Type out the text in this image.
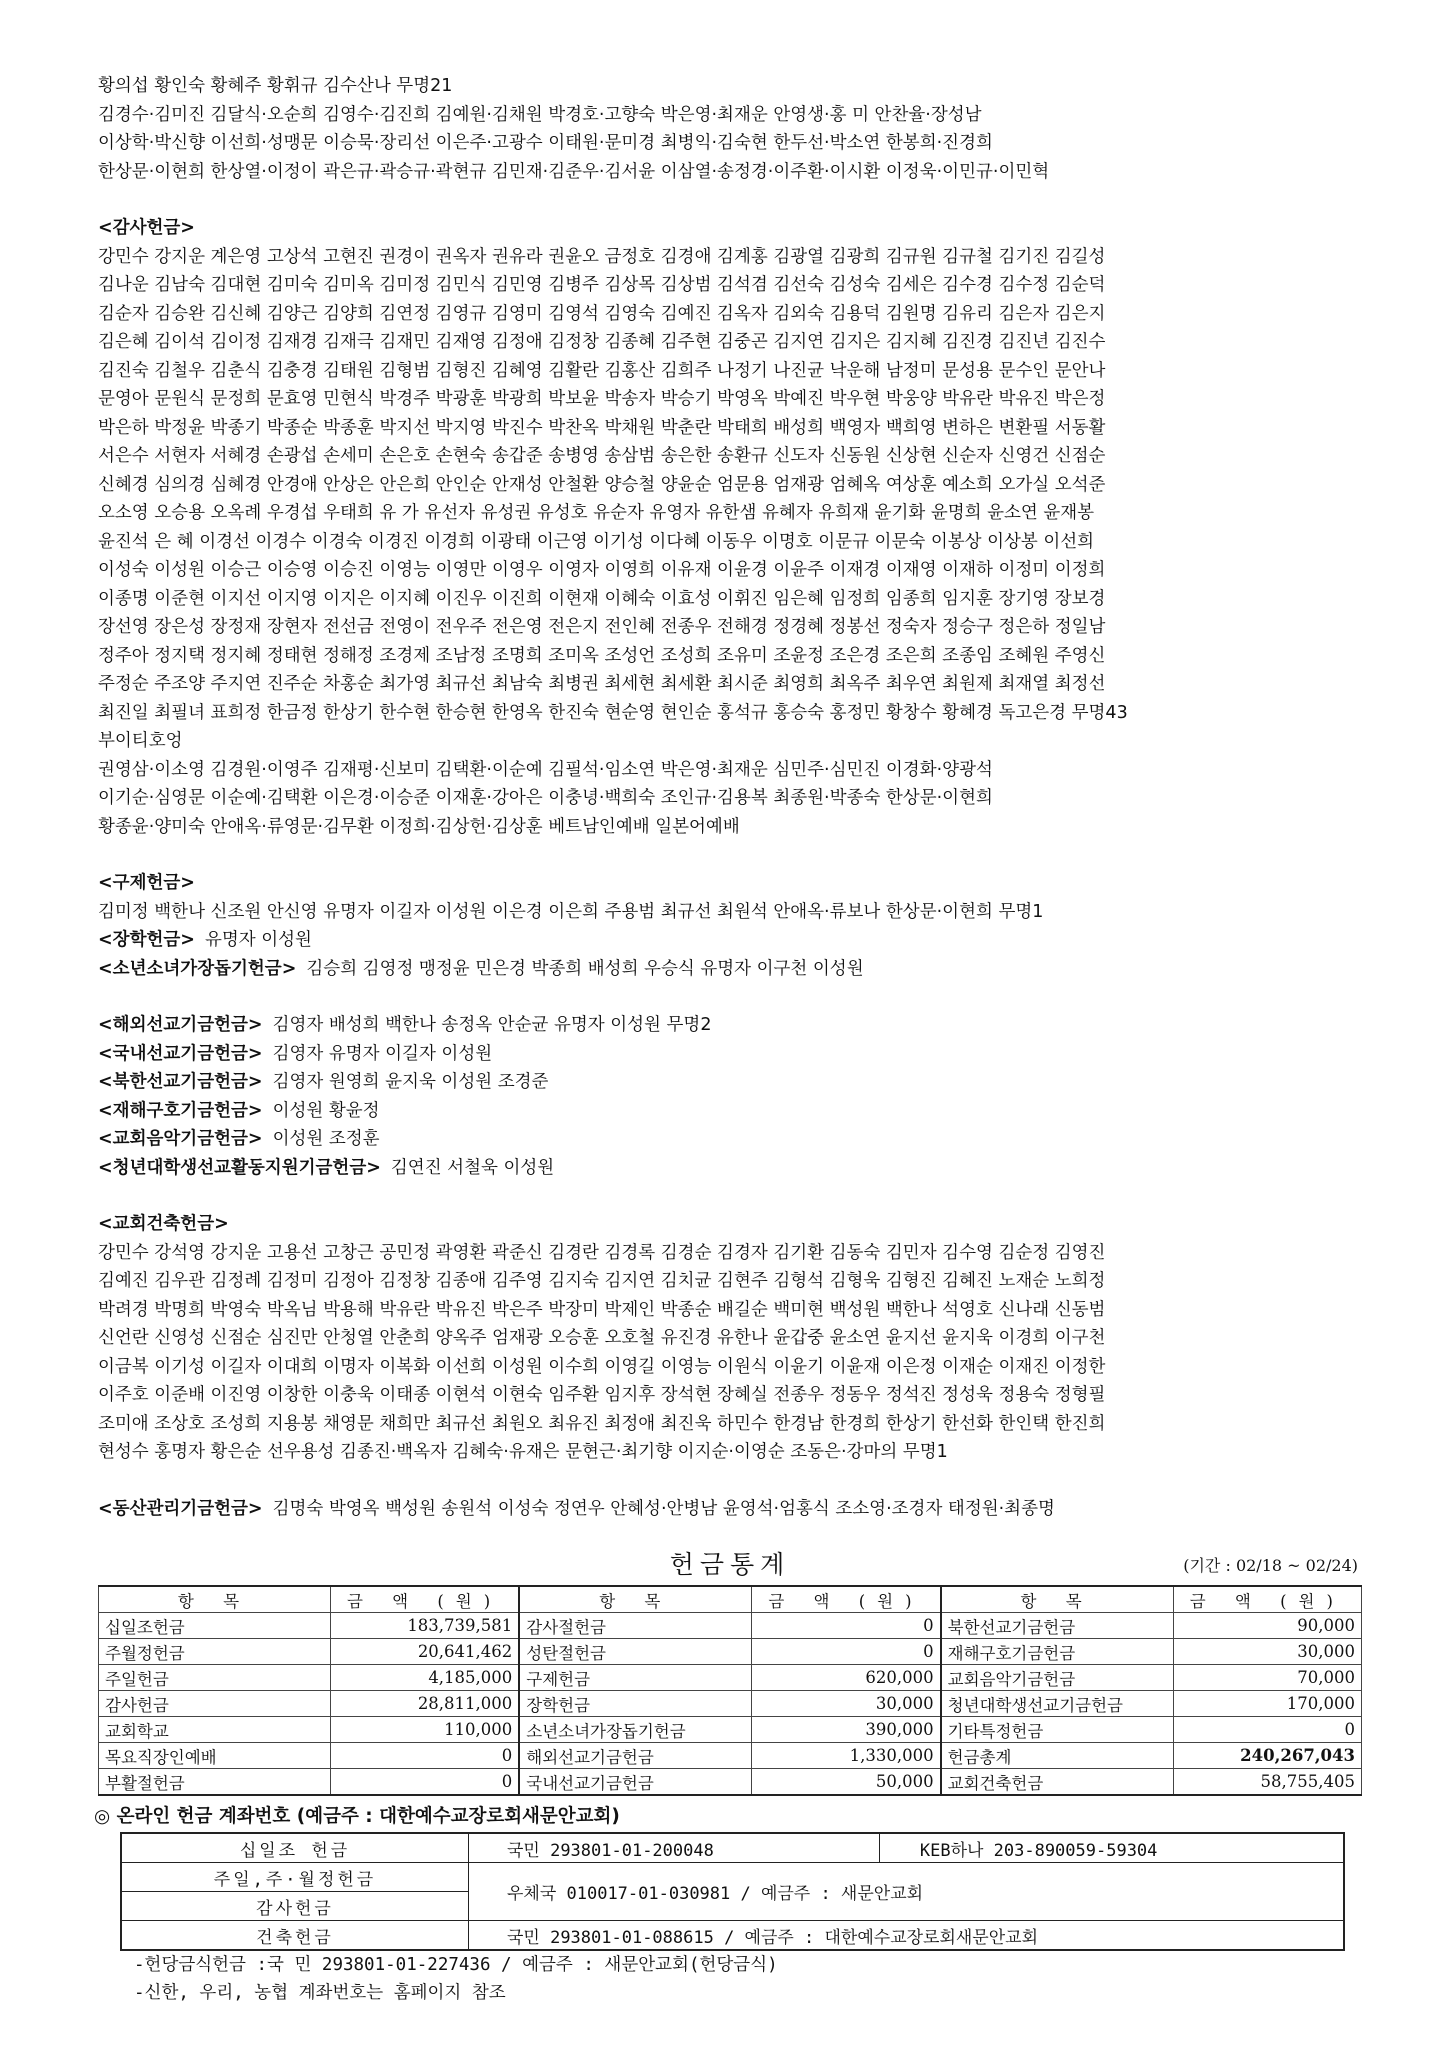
황의섭 황인숙 황혜주 황휘규 김수산나 무명21
김경수·김미진 김달식·오순희 김영수·김진희 김예원·김채원 박경호·고향숙 박은영·최재운 안영생·홍 미 안찬율·장성남
이상학·박신향 이선희·성맹문 이승묵·장리선 이은주·고광수 이태원·문미경 최병익·김숙현 한두선·박소연 한봉희·진경희
한상문·이현희 한상열·이정이 곽은규·곽승규·곽현규 김민재·김준우·김서윤 이삼열·송정경·이주환·이시환 이정욱·이민규·이민혁
<감사헌금>
강민수 강지운 계은영 고상석 고현진 권경이 권옥자 권유라 권윤오 금정호 김경애 김계홍 김광열 김광희 김규원 김규철 김기진 김길성
김나운 김남숙 김대현 김미숙 김미옥 김미정 김민식 김민영 김병주 김상목 김상범 김석겸 김선숙 김성숙 김세은 김수경 김수정 김순덕
김순자 김승완 김신혜 김양근 김양희 김연정 김영규 김영미 김영석 김영숙 김예진 김옥자 김외숙 김용덕 김원명 김유리 김은자 김은지
김은혜 김이석 김이정 김재경 김재극 김재민 김재영 김정애 김정창 김종혜 김주현 김중곤 김지연 김지은 김지혜 김진경 김진년 김진수
김진숙 김철우 김춘식 김충경 김태원 김형범 김형진 김혜영 김활란 김홍산 김희주 나정기 나진균 낙운해 남정미 문성용 문수인 문안나
문영아 문원식 문정희 문효영 민현식 박경주 박광훈 박광희 박보윤 박송자 박승기 박영옥 박예진 박우현 박웅양 박유란 박유진 박은정
박은하 박정윤 박종기 박종순 박종훈 박지선 박지영 박진수 박찬옥 박채원 박춘란 박태희 배성희 백영자 백희영 변하은 변환필 서동활
서은수 서현자 서혜경 손광섭 손세미 손은호 손현숙 송갑준 송병영 송삼범 송은한 송환규 신도자 신동원 신상현 신순자 신영건 신점순
신혜경 심의경 심혜경 안경애 안상은 안은희 안인순 안재성 안철환 양승철 양윤순 엄문용 엄재광 엄혜옥 여상훈 예소희 오가실 오석준
오소영 오승용 오옥례 우경섭 우태희 유 가 유선자 유성권 유성호 유순자 유영자 유한샘 유혜자 유희재 윤기화 윤명희 윤소연 윤재봉
윤진석 은 혜 이경선 이경수 이경숙 이경진 이경희 이광태 이근영 이기성 이다혜 이동우 이명호 이문규 이문숙 이봉상 이상봉 이선희
이성숙 이성원 이승근 이승영 이승진 이영능 이영만 이영우 이영자 이영희 이유재 이윤경 이윤주 이재경 이재영 이재하 이정미 이정희
이종명 이준현 이지선 이지영 이지은 이지혜 이진우 이진희 이현재 이혜숙 이효성 이휘진 임은혜 임정희 임종희 임지훈 장기영 장보경
장선영 장은성 장정재 장현자 전선금 전영이 전우주 전은영 전은지 전인혜 전종우 전해경 정경혜 정봉선 정숙자 정승구 정은하 정일남
정주아 정지택 정지혜 정태현 정해정 조경제 조남정 조명희 조미옥 조성언 조성희 조유미 조윤정 조은경 조은희 조종임 조혜원 주영신
주정순 주조양 주지연 진주순 차홍순 최가영 최규선 최남숙 최병권 최세현 최세환 최시준 최영희 최옥주 최우연 최원제 최재열 최정선
최진일 최필녀 표희정 한금정 한상기 한수현 한승현 한영옥 한진숙 현순영 현인순 홍석규 홍승숙 홍정민 황창수 황혜경 독고은경 무명43
부이티호엉
권영삼·이소영 김경원·이영주 김재평·신보미 김택환·이순예 김필석·임소연 박은영·최재운 심민주·심민진 이경화·양광석
이기순·심영문 이순예·김택환 이은경·이승준 이재훈·강아은 이충녕·백희숙 조인규·김용복 최종원·박종숙 한상문·이현희
황종윤·양미숙 안애옥·류영문·김무환 이정희·김상헌·김상훈 베트남인예배 일본어예배
<구제헌금>
김미정 백한나 신조원 안신영 유명자 이길자 이성원 이은경 이은희 주용범 최규선 최원석 안애옥·류보나 한상문·이현희 무명1
<장학헌금> 유명자 이성원
<소년소녀가장돕기헌금> 김승희 김영정 맹정윤 민은경 박종희 배성희 우승식 유명자 이구천 이성원
<해외선교기금헌금> 김영자 배성희 백한나 송정옥 안순균 유명자 이성원 무명2
<국내선교기금헌금> 김영자 유명자 이길자 이성원
<북한선교기금헌금> 김영자 원영희 윤지욱 이성원 조경준
<재해구호기금헌금> 이성원 황윤정
<교회음악기금헌금> 이성원 조정훈
<청년대학생선교활동지원기금헌금> 김연진 서철욱 이성원
<교회건축헌금>
강민수 강석영 강지운 고용선 고창근 공민정 곽영환 곽준신 김경란 김경록 김경순 김경자 김기환 김동숙 김민자 김수영 김순정 김영진
김예진 김우관 김정례 김정미 김정아 김정창 김종애 김주영 김지숙 김지연 김치균 김현주 김형석 김형욱 김형진 김혜진 노재순 노희정
박려경 박명희 박영숙 박옥님 박용해 박유란 박유진 박은주 박장미 박제인 박종순 배길순 백미현 백성원 백한나 석영호 신나래 신동범
신언란 신영성 신점순 심진만 안청열 안춘희 양옥주 엄재광 오승훈 오호철 유진경 유한나 윤갑중 윤소연 윤지선 윤지욱 이경희 이구천
이금복 이기성 이길자 이대희 이명자 이복화 이선희 이성원 이수희 이영길 이영능 이원식 이윤기 이윤재 이은정 이재순 이재진 이정한
이주호 이준배 이진영 이창한 이충욱 이태종 이현석 이현숙 임주환 임지후 장석현 장혜실 전종우 정동우 정석진 정성욱 정용숙 정형필
조미애 조상호 조성희 지용봉 채영문 채희만 최규선 최원오 최유진 최정애 최진욱 하민수 한경남 한경희 한상기 한선화 한인택 한진희
현성수 홍명자 황은순 선우용성 김종진·백옥자 김혜숙·유재은 문현근·최기향 이지순·이영순 조동은·강마의 무명1
<동산관리기금헌금> 김명숙 박영옥 백성원 송원석 이성숙 정연우 안혜성·안병남 윤영석·엄홍식 조소영·조경자 태정원·최종명
헌금통계	(기간 : 02/18 ~ 02/24)
항 목	금 액 (원)	항 목	금 액 (원)	항 목	금 액 (원)
십일조헌금	183,739,581	감사절헌금	0	북한선교기금헌금	90,000
주월정헌금	20,641,462	성탄절헌금	0	재해구호기금헌금	30,000
주일헌금	4,185,000	구제헌금	620,000	교회음악기금헌금	70,000
감사헌금	28,811,000	장학헌금	30,000	청년대학생선교기금헌금	170,000
교회학교	110,000	소년소녀가장돕기헌금	390,000	기타특정헌금	0
목요직장인예배	0	해외선교기금헌금	1,330,000	헌금총계	240,267,043
부활절헌금	0	국내선교기금헌금	50,000	교회건축헌금	58,755,405
◎ 온라인 헌금 계좌번호 (예금주 : 대한예수교장로회새문안교회)
십일조 헌금	국민 293801-01-200048	KEB하나 203-890059-59304
주일,주·월정헌금	우체국 010017-01-030981 / 예금주 : 새문안교회	
감사헌금		
건축헌금	국민 293801-01-088615 / 예금주 : 대한예수교장로회새문안교회	
-헌당금식헌금 :국 민 293801-01-227436 / 예금주 : 새문안교회(헌당금식)
-신한, 우리, 농협 계좌번호는 홈페이지 참조
